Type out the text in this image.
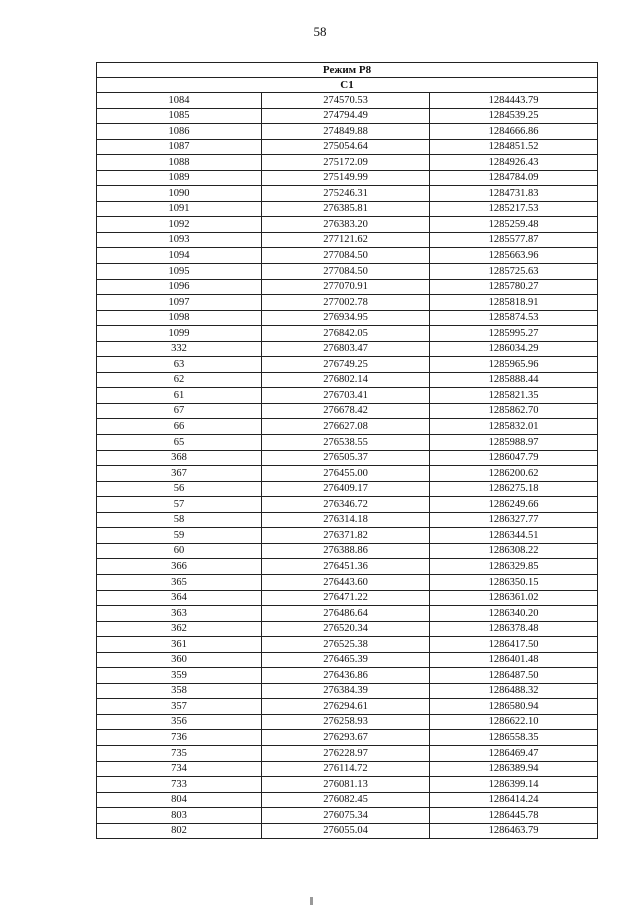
58
Режим Р8		
С1		
1084	274570.53	1284443.79
1085	274794.49	1284539.25
1086	274849.88	1284666.86
1087	275054.64	1284851.52
1088	275172.09	1284926.43
1089	275149.99	1284784.09
1090	275246.31	1284731.83
1091	276385.81	1285217.53
1092	276383.20	1285259.48
1093	277121.62	1285577.87
1094	277084.50	1285663.96
1095	277084.50	1285725.63
1096	277070.91	1285780.27
1097	277002.78	1285818.91
1098	276934.95	1285874.53
1099	276842.05	1285995.27
332	276803.47	1286034.29
63	276749.25	1285965.96
62	276802.14	1285888.44
61	276703.41	1285821.35
67	276678.42	1285862.70
66	276627.08	1285832.01
65	276538.55	1285988.97
368	276505.37	1286047.79
367	276455.00	1286200.62
56	276409.17	1286275.18
57	276346.72	1286249.66
58	276314.18	1286327.77
59	276371.82	1286344.51
60	276388.86	1286308.22
366	276451.36	1286329.85
365	276443.60	1286350.15
364	276471.22	1286361.02
363	276486.64	1286340.20
362	276520.34	1286378.48
361	276525.38	1286417.50
360	276465.39	1286401.48
359	276436.86	1286487.50
358	276384.39	1286488.32
357	276294.61	1286580.94
356	276258.93	1286622.10
736	276293.67	1286558.35
735	276228.97	1286469.47
734	276114.72	1286389.94
733	276081.13	1286399.14
804	276082.45	1286414.24
803	276075.34	1286445.78
802	276055.04	1286463.79
